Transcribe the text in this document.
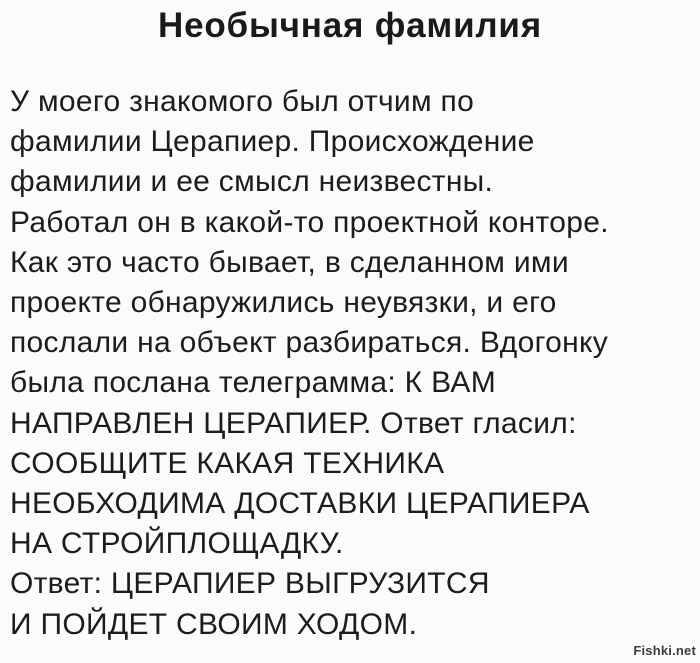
Необычная фамилия
У моего знакомого был отчим по
фамилии Церапиер. Происхождение
фамилии и ее смысл неизвестны.
Работал он в какой-то проектной конторе.
Как это часто бывает, в сделанном ими
проекте обнаружились неувязки, и его
послали на объект разбираться. Вдогонку
была послана телеграмма: К ВАМ
НАПРАВЛЕН ЦЕРАПИЕР. Ответ гласил:
СООБЩИТЕ КАКАЯ ТЕХНИКА
НЕОБХОДИМА ДОСТАВКИ ЦЕРАПИЕРА
НА СТРОЙПЛОЩАДКУ.
Ответ: ЦЕРАПИЕР ВЫГРУЗИТСЯ
И ПОЙДЕТ СВОИМ ХОДОМ.
Fishki.net
